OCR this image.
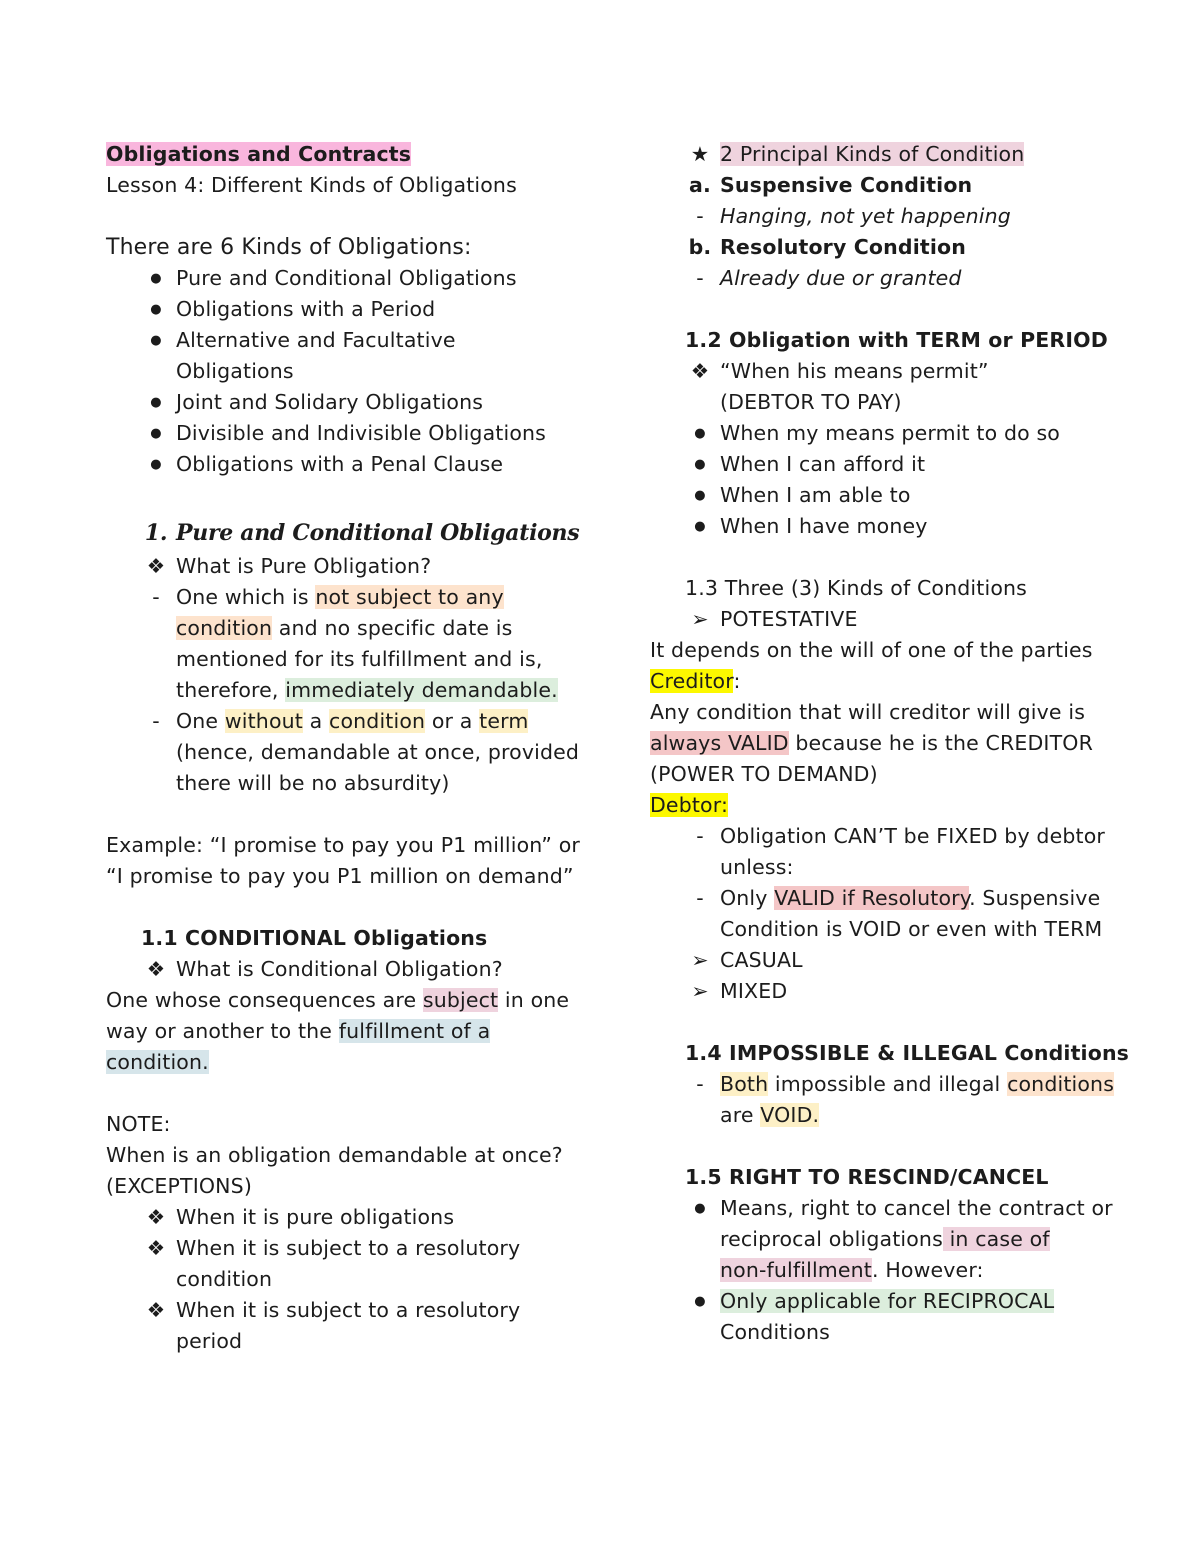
Obligations and Contracts
Lesson 4: Different Kinds of Obligations
There are 6 Kinds of Obligations:
● Pure and Conditional Obligations
● Obligations with a Period
● Alternative and Facultative
Obligations
● Joint and Solidary Obligations
● Divisible and Indivisible Obligations
● Obligations with a Penal Clause
1. Pure and Conditional Obligations
❖ What is Pure Obligation?
- One which is not subject to any
condition and no specific date is
mentioned for its fulfillment and is,
therefore, immediately demandable.
- One without a condition or a term
(hence, demandable at once, provided
there will be no absurdity)
Example: “I promise to pay you P1 million” or
“I promise to pay you P1 million on demand”
1.1 CONDITIONAL Obligations
❖ What is Conditional Obligation?
One whose consequences are subject in one
way or another to the fulfillment of a
condition.
NOTE:
When is an obligation demandable at once?
(EXCEPTIONS)
❖ When it is pure obligations
❖ When it is subject to a resolutory
condition
❖ When it is subject to a resolutory
period
★ 2 Principal Kinds of Condition
a. Suspensive Condition
- Hanging, not yet happening
b. Resolutory Condition
- Already due or granted
1.2 Obligation with TERM or PERIOD
❖ “When his means permit”
(DEBTOR TO PAY)
● When my means permit to do so
● When I can afford it
● When I am able to
● When I have money
1.3 Three (3) Kinds of Conditions
➢ POTESTATIVE
It depends on the will of one of the parties
Creditor:
Any condition that will creditor will give is
always VALID because he is the CREDITOR
(POWER TO DEMAND)
Debtor:
- Obligation CAN’T be FIXED by debtor
unless:
- Only VALID if Resolutory. Suspensive
Condition is VOID or even with TERM
➢ CASUAL
➢ MIXED
1.4 IMPOSSIBLE & ILLEGAL Conditions
- Both impossible and illegal conditions
are VOID.
1.5 RIGHT TO RESCIND/CANCEL
● Means, right to cancel the contract or
reciprocal obligations in case of
non-fulfillment. However:
● Only applicable for RECIPROCAL
Conditions
